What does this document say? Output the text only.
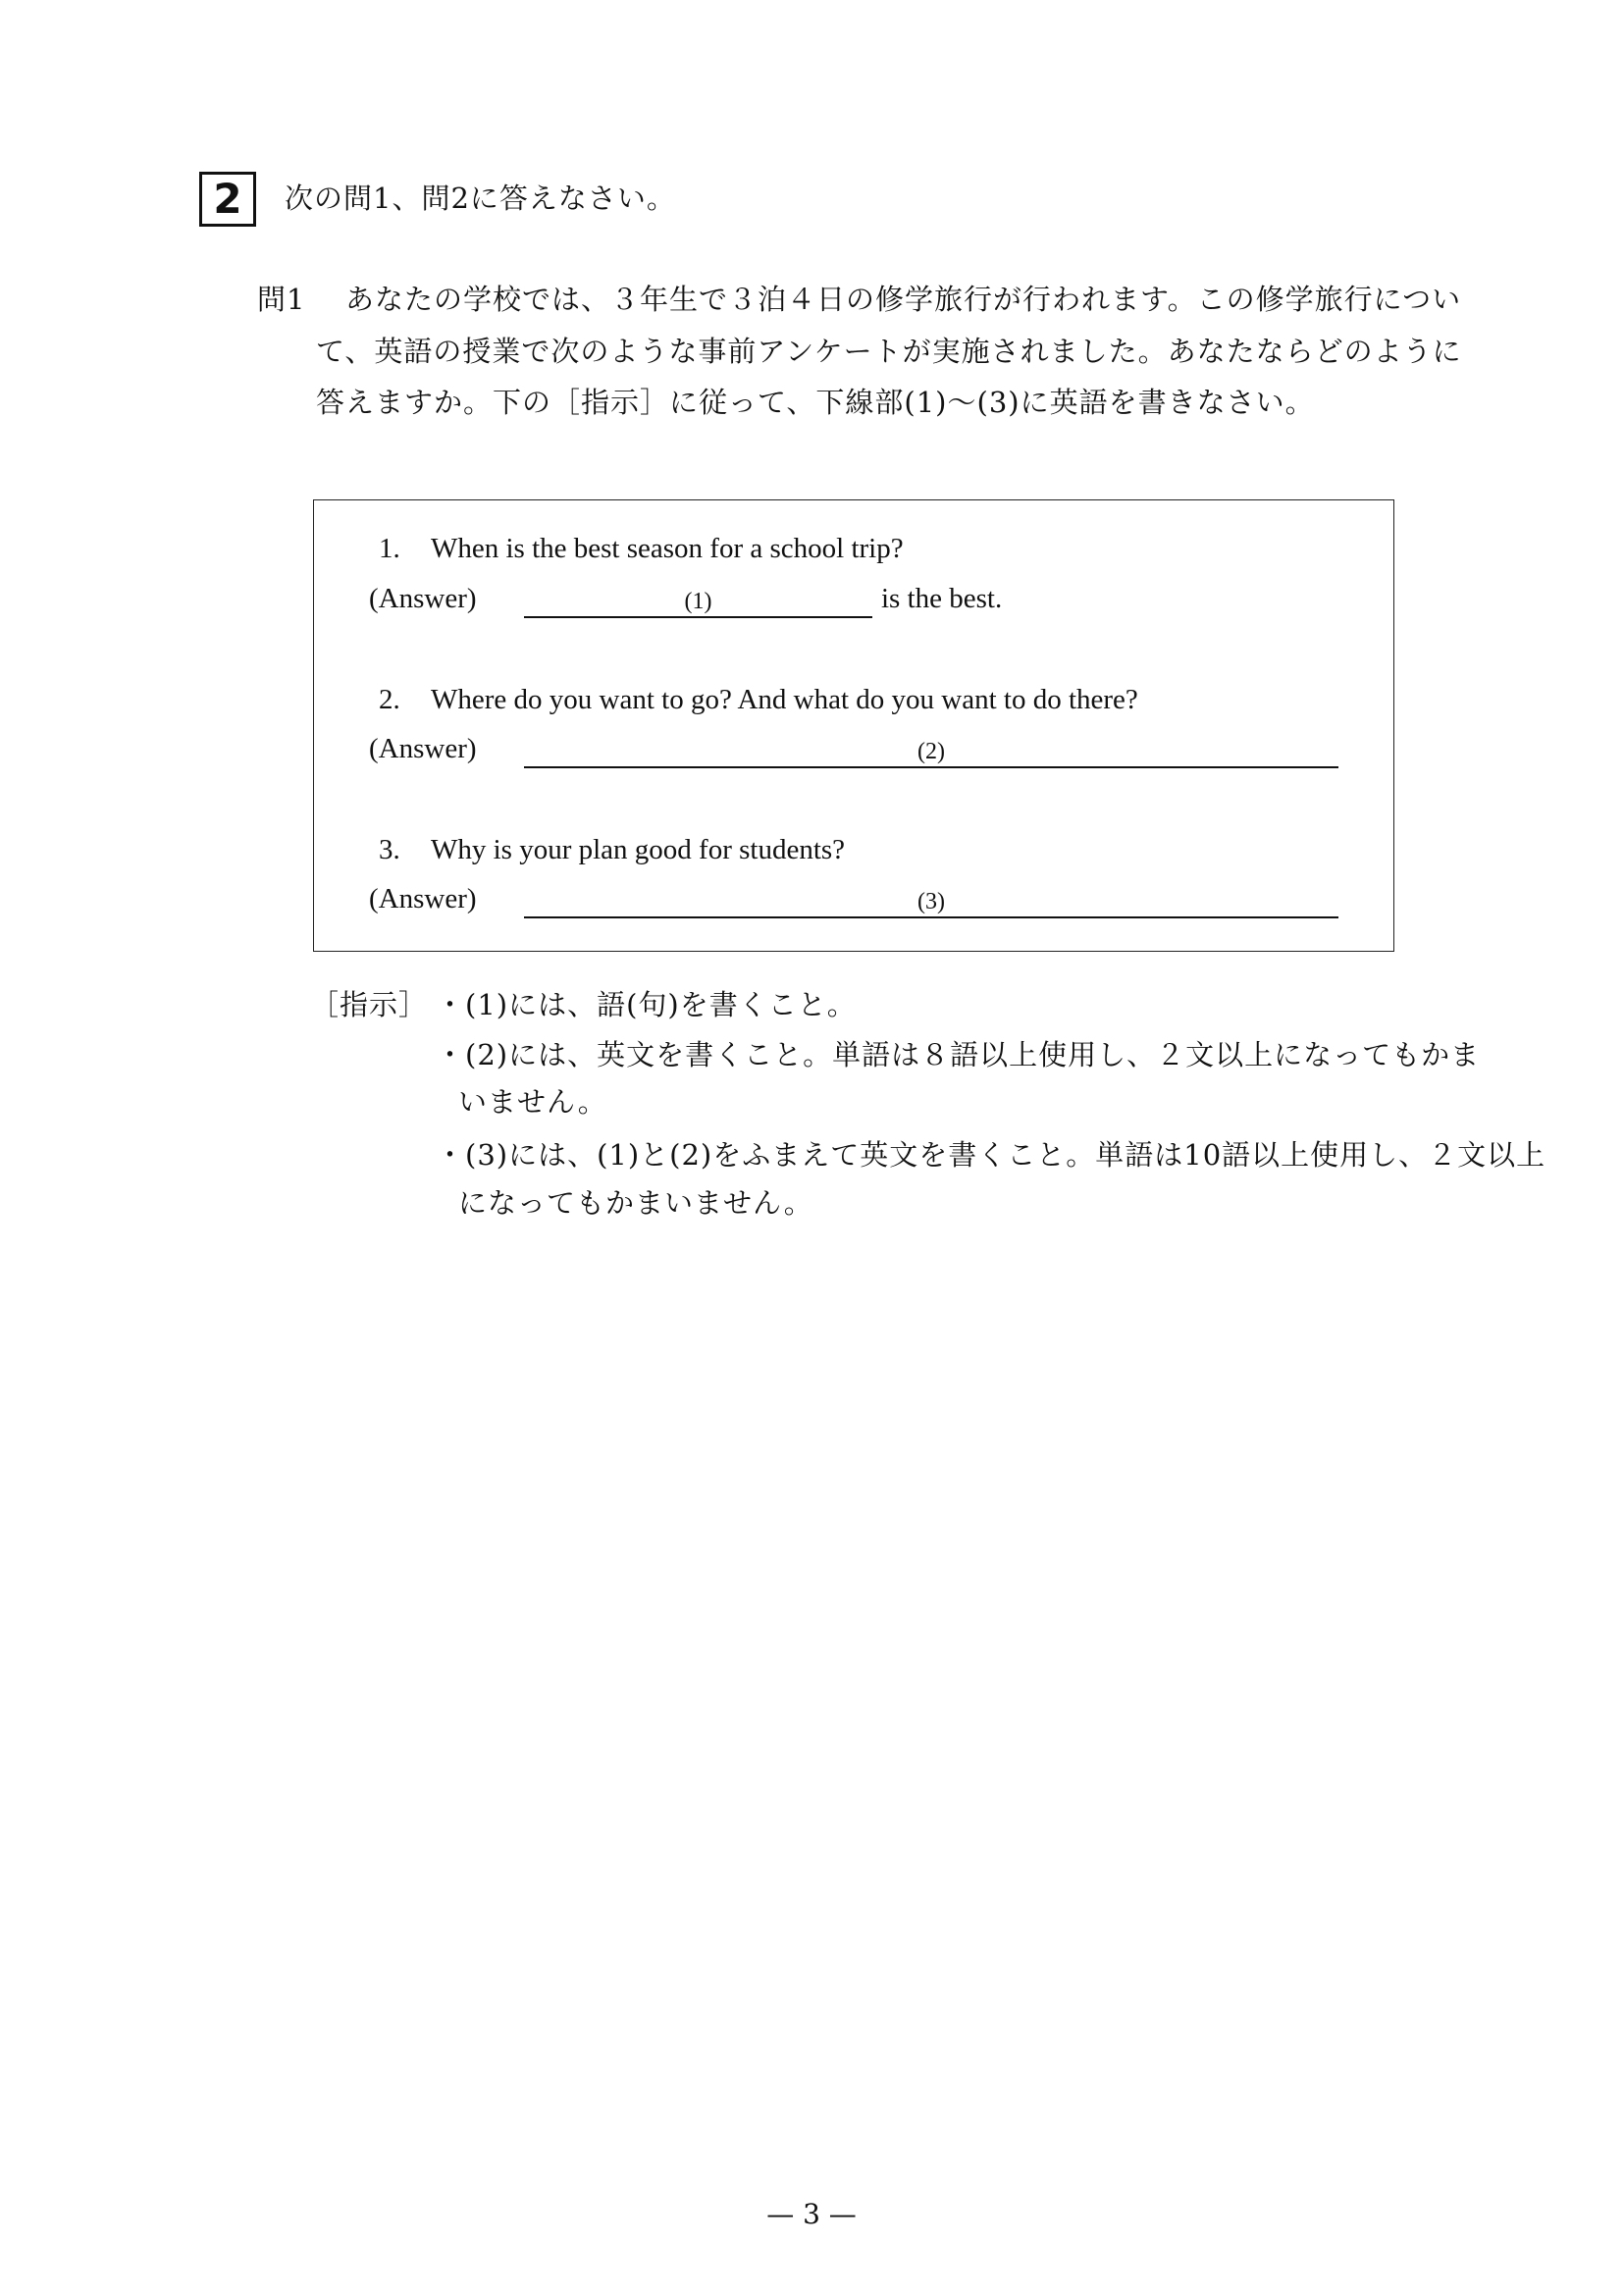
2	次の問1、問2に答えなさい。
問1 あなたの学校では、３年生で３泊４日の修学旅行が行われます。この修学旅行につい
て、英語の授業で次のような事前アンケートが実施されました。あなたならどのように
答えますか。下の［指示］に従って、下線部(1)〜(3)に英語を書きなさい。
1. When is the best season for a school trip?
(Answer)	(1)	is the best.
2. Where do you want to go? And what do you want to do there?
(Answer)	(2)
3. Why is your plan good for students?
(Answer)	(3)
［指示］ ・(1)には、語(句)を書くこと。
・(2)には、英文を書くこと。単語は８語以上使用し、２文以上になってもかま
いません。
・(3)には、(1)と(2)をふまえて英文を書くこと。単語は10語以上使用し、２文以上
になってもかまいません。
— 3 —
